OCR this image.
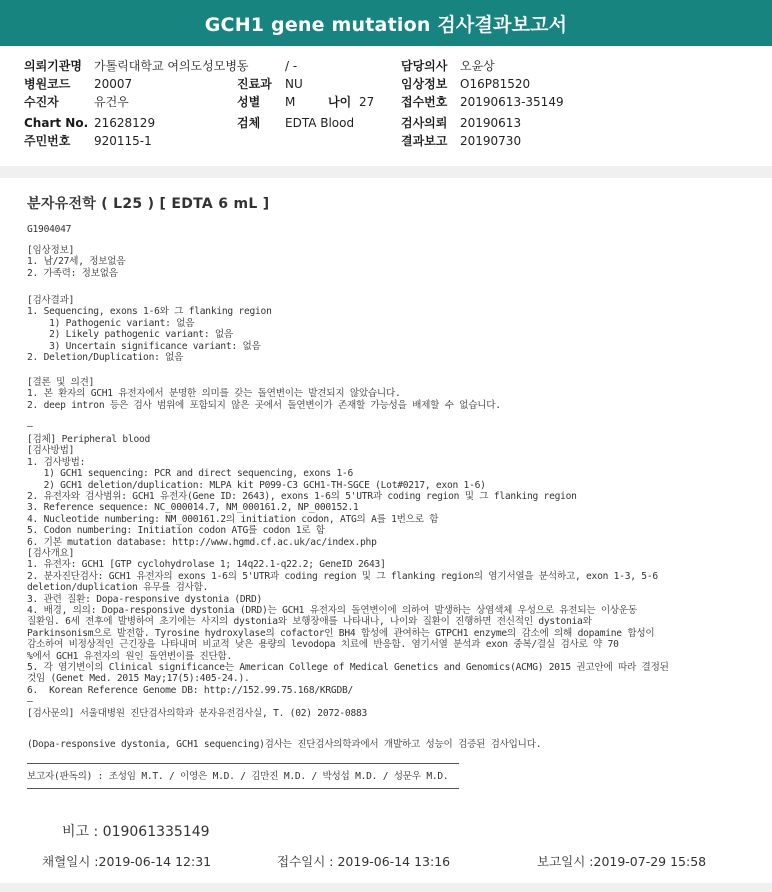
GCH1 gene mutation 검사결과보고서
의뢰기관명 가톨릭대학교 여의도성모병동	/ -	담당의사 오윤상
병원코드 20007	진료과 NU	임상정보 O16P81520
수진자	유건우	성별 M	나이 27 접수번호 20190613-35149
Chart No. 21628129	검체 EDTA Blood	검사의뢰 20190613
주민번호 920115-1	결과보고 20190730
분자유전학 ( L25 ) [ EDTA 6 mL ]
G1904047
[임상정보]
1. 남/27세, 정보없음
2. 가족력: 정보없음
[검사결과]
1. Sequencing, exons 1-6와 그 flanking region
1) Pathogenic variant: 없음
2) Likely pathogenic variant: 없음
3) Uncertain significance variant: 없음
2. Deletion/Duplication: 없음
[결론 및 의견]
1. 본 환자의 GCH1 유전자에서 분명한 의미를 갖는 돌연변이는 발견되지 않았습니다.
2. deep intron 등은 검사 범위에 포함되지 않은 곳에서 돌연변이가 존재할 가능성을 배제할 수 없습니다.
—
[검체] Peripheral blood
[검사방법]
1. 검사방법:
1) GCH1 sequencing: PCR and direct sequencing, exons 1-6
2) GCH1 deletion/duplication: MLPA kit P099-C3 GCH1-TH-SGCE (Lot#0217, exon 1-6)
2. 유전자와 검사범위: GCH1 유전자(Gene ID: 2643), exons 1-6의 5'UTR과 coding region 및 그 flanking region
3. Reference sequence: NC_000014.7, NM_000161.2, NP_000152.1
4. Nucleotide numbering: NM_000161.2의 initiation codon, ATG의 A를 1번으로 함
5. Codon numbering: Initiation codon ATG를 codon 1로 함
6. 기본 mutation database: http://www.hgmd.cf.ac.uk/ac/index.php
[검사개요]
1. 유전자: GCH1 [GTP cyclohydrolase 1; 14q22.1-q22.2; GeneID 2643]
2. 분자진단검사: GCH1 유전자의 exons 1-6의 5'UTR과 coding region 및 그 flanking region의 염기서열을 분석하고, exon 1-3, 5-6
deletion/duplication 유무를 검사함.
3. 관련 질환: Dopa-responsive dystonia (DRD)
4. 배경, 의의: Dopa-responsive dystonia (DRD)는 GCH1 유전자의 돌연변이에 의하여 발생하는 상염색체 우성으로 유전되는 이상운동
질환임. 6세 전후에 발병하여 초기에는 사지의 dystonia와 보행장애를 나타내나, 나이와 질환이 진행하면 전신적인 dystonia와
Parkinsonism으로 발전함. Tyrosine hydroxylase의 cofactor인 BH4 합성에 관여하는 GTPCH1 enzyme의 감소에 의해 dopamine 합성이
감소하여 비정상적인 근긴장을 나타내며 비교적 낮은 용량의 levodopa 치료에 반응함. 염기서열 분석과 exon 중복/결실 검사로 약 70
%에서 GCH1 유전자의 원인 돌연변이를 진단함.
5. 각 염기변이의 Clinical significance는 American College of Medical Genetics and Genomics(ACMG) 2015 권고안에 따라 결정된
것임 (Genet Med. 2015 May;17(5):405-24.).
6.  Korean Reference Genome DB: http://152.99.75.168/KRGDB/
—
[검사문의] 서울대병원 진단검사의학과 분자유전검사실, T. (02) 2072-0883
(Dopa-responsive dystonia, GCH1 sequencing)검사는 진단검사의학과에서 개발하고 성능이 검증된 검사입니다.
보고자(판독의) : 조성임 M.T. / 이영은 M.D. / 김만진 M.D. / 박성섭 M.D. / 성문우 M.D.
비고 : 019061335149
채혈일시 :2019-06-14 12:31	접수일시 : 2019-06-14 13:16	보고일시 :2019-07-29 15:58
